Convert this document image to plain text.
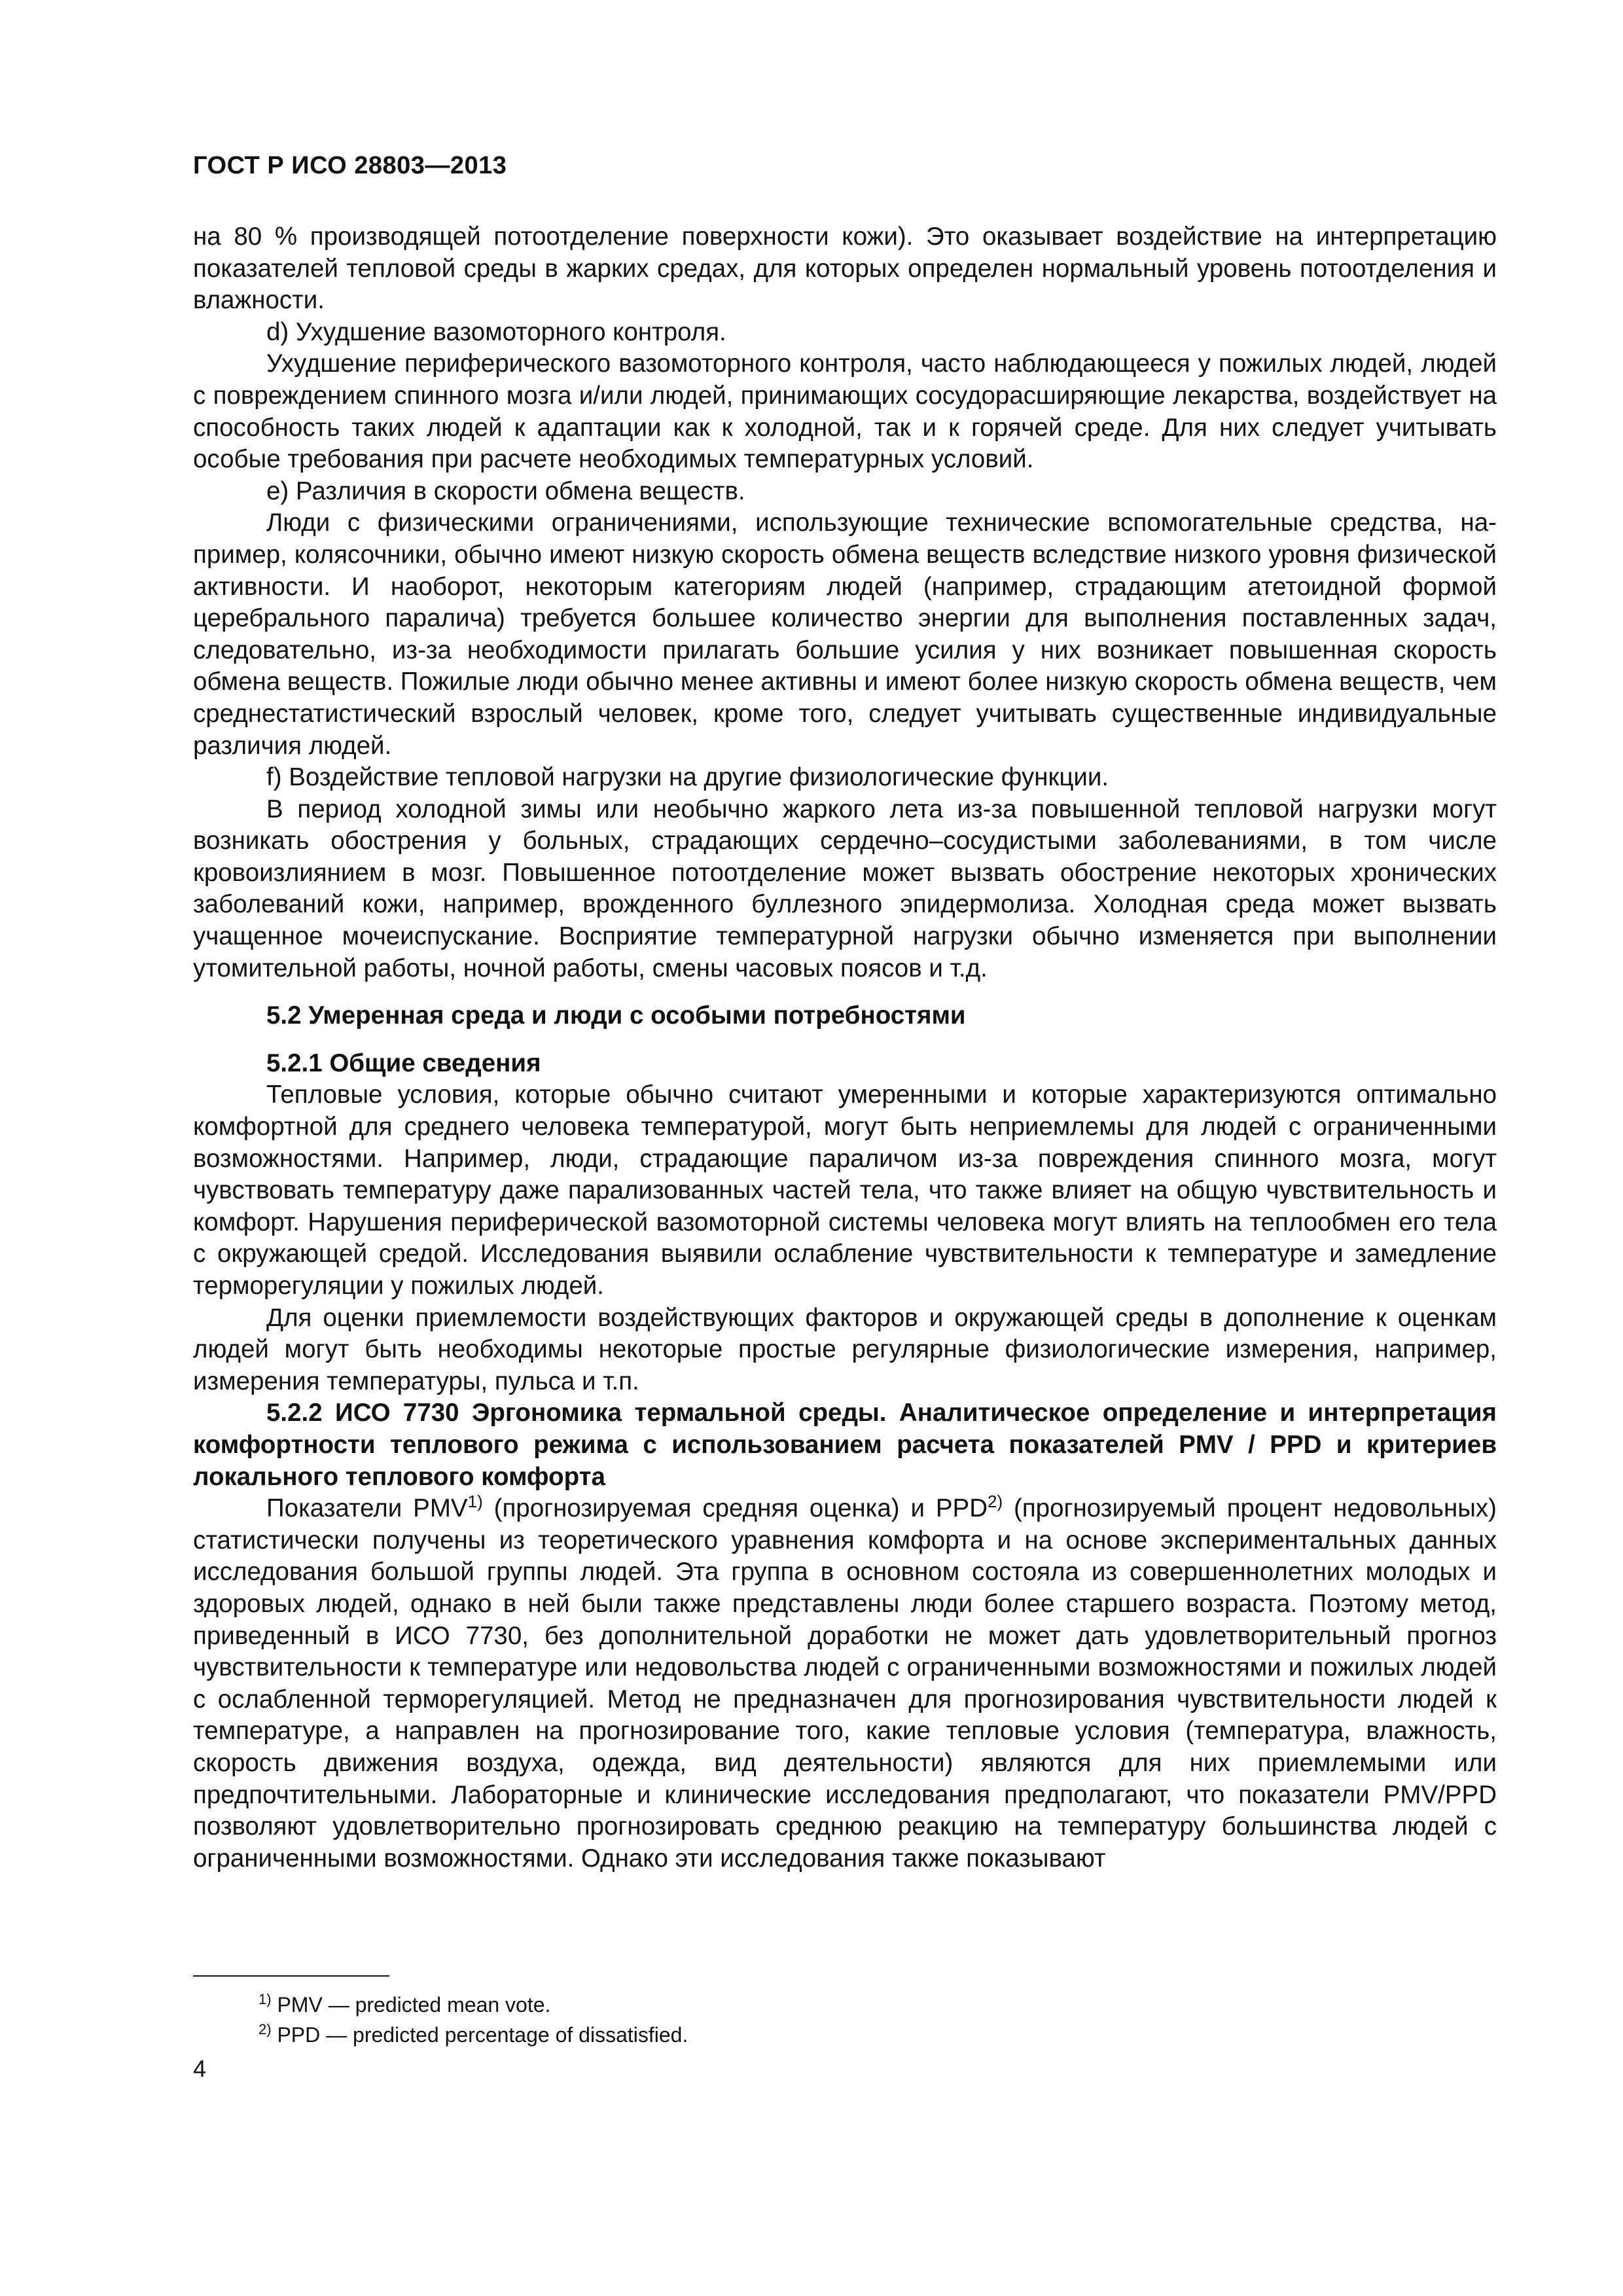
ГОСТ Р ИСО 28803—2013

на 80 % производящей потоотделение поверхности кожи). Это оказывает воздействие на интерпретацию показателей тепловой среды в жарких средах, для которых определен нормальный уровень потоотделения и влажности.

d) Ухудшение вазомоторного контроля.

Ухудшение периферического вазомоторного контроля, часто наблюдающееся у пожилых людей, людей с повреждением спинного мозга и/или людей, принимающих сосудорасширяющие лекарства, воздействует на способность таких людей к адаптации как к холодной, так и к горячей среде. Для них следует учитывать особые требования при расчете необходимых температурных условий.

e) Различия в скорости обмена веществ.

Люди с физическими ограничениями, использующие технические вспомогательные средства, например, колясочники, обычно имеют низкую скорость обмена веществ вследствие низкого уровня физической активности. И наоборот, некоторым категориям людей (например, страдающим атетоидной формой церебрального паралича) требуется большее количество энергии для выполнения поставленных задач, следовательно, из-за необходимости прилагать большие усилия у них возникает повышенная скорость обмена веществ. Пожилые люди обычно менее активны и имеют более низкую скорость обмена веществ, чем среднестатистический взрослый человек, кроме того, следует учитывать существенные индивидуальные различия людей.

f) Воздействие тепловой нагрузки на другие физиологические функции.

В период холодной зимы или необычно жаркого лета из-за повышенной тепловой нагрузки могут возникать обострения у больных, страдающих сердечно–сосудистыми заболеваниями, в том числе кровоизлиянием в мозг. Повышенное потоотделение может вызвать обострение некоторых хронических заболеваний кожи, например, врожденного буллезного эпидермолиза. Холодная среда может вызвать учащенное мочеиспускание. Восприятие температурной нагрузки обычно изменяется при выполнении утомительной работы, ночной работы, смены часовых поясов и т.д.

5.2 Умеренная среда и люди с особыми потребностями

5.2.1 Общие сведения

Тепловые условия, которые обычно считают умеренными и которые характеризуются оптимально комфортной для среднего человека температурой, могут быть неприемлемы для людей с ограниченными возможностями. Например, люди, страдающие параличом из-за повреждения спинного мозга, могут чувствовать температуру даже парализованных частей тела, что также влияет на общую чувствительность и комфорт. Нарушения периферической вазомоторной системы человека могут влиять на теплообмен его тела с окружающей средой. Исследования выявили ослабление чувствительности к температуре и замедление терморегуляции у пожилых людей.

Для оценки приемлемости воздействующих факторов и окружающей среды в дополнение к оценкам людей могут быть необходимы некоторые простые регулярные физиологические измерения, например, измерения температуры, пульса и т.п.

5.2.2 ИСО 7730 Эргономика термальной среды. Аналитическое определение и интерпретация комфортности теплового режима с использованием расчета показателей PMV / PPD и критериев локального теплового комфорта

Показатели PMV$^{1)}$ (прогнозируемая средняя оценка) и PPD$^{2)}$ (прогнозируемый процент недовольных) статистически получены из теоретического уравнения комфорта и на основе экспериментальных данных исследования большой группы людей. Эта группа в основном состояла из совершеннолетних молодых и здоровых людей, однако в ней были также представлены люди более старшего возраста. Поэтому метод, приведенный в ИСО 7730, без дополнительной доработки не может дать удовлетворительный прогноз чувствительности к температуре или недовольства людей с ограниченными возможностями и пожилых людей с ослабленной терморегуляцией. Метод не предназначен для прогнозирования чувствительности людей к температуре, а направлен на прогнозирование того, какие тепловые условия (температура, влажность, скорость движения воздуха, одежда, вид деятельности) являются для них приемлемыми или предпочтительными. Лабораторные и клинические исследования предполагают, что показатели PMV/PPD позволяют удовлетворительно прогнозировать среднюю реакцию на температуру большинства людей с ограниченными возможностями. Однако эти исследования также показывают

$^{1)}$ PMV — predicted mean vote.
$^{2)}$ PPD — predicted percentage of dissatisfied.
4
